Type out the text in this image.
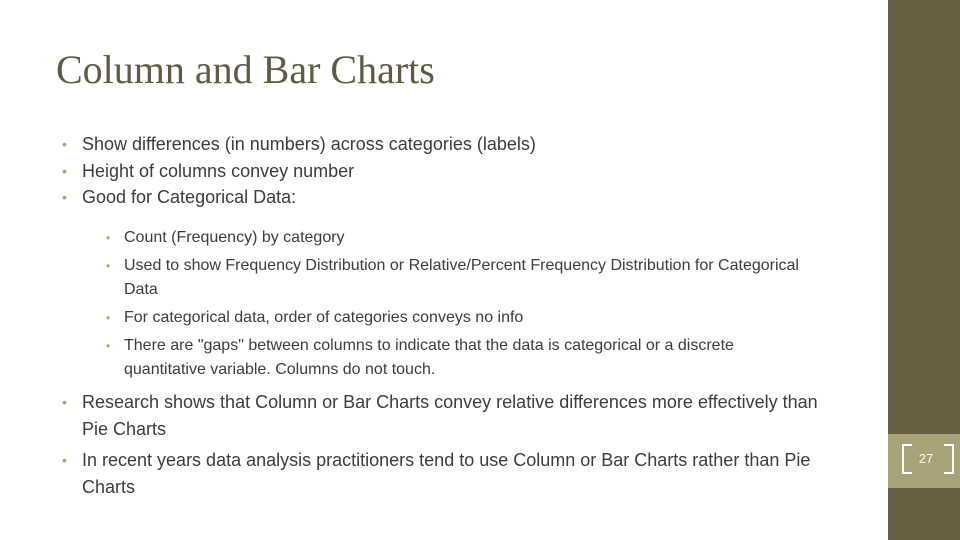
Column and Bar Charts
• Show differences (in numbers) across categories (labels)
• Height of columns convey number
• Good for Categorical Data:
• Count (Frequency) by category
• Used to show Frequency Distribution or Relative/Percent Frequency Distribution for Categorical Data
• For categorical data, order of categories conveys no info
• There are "gaps" between columns to indicate that the data is categorical or a discrete quantitative variable. Columns do not touch.
• Research shows that Column or Bar Charts convey relative differences more effectively than Pie Charts
• In recent years data analysis practitioners tend to use Column or Bar Charts rather than Pie Charts
27
